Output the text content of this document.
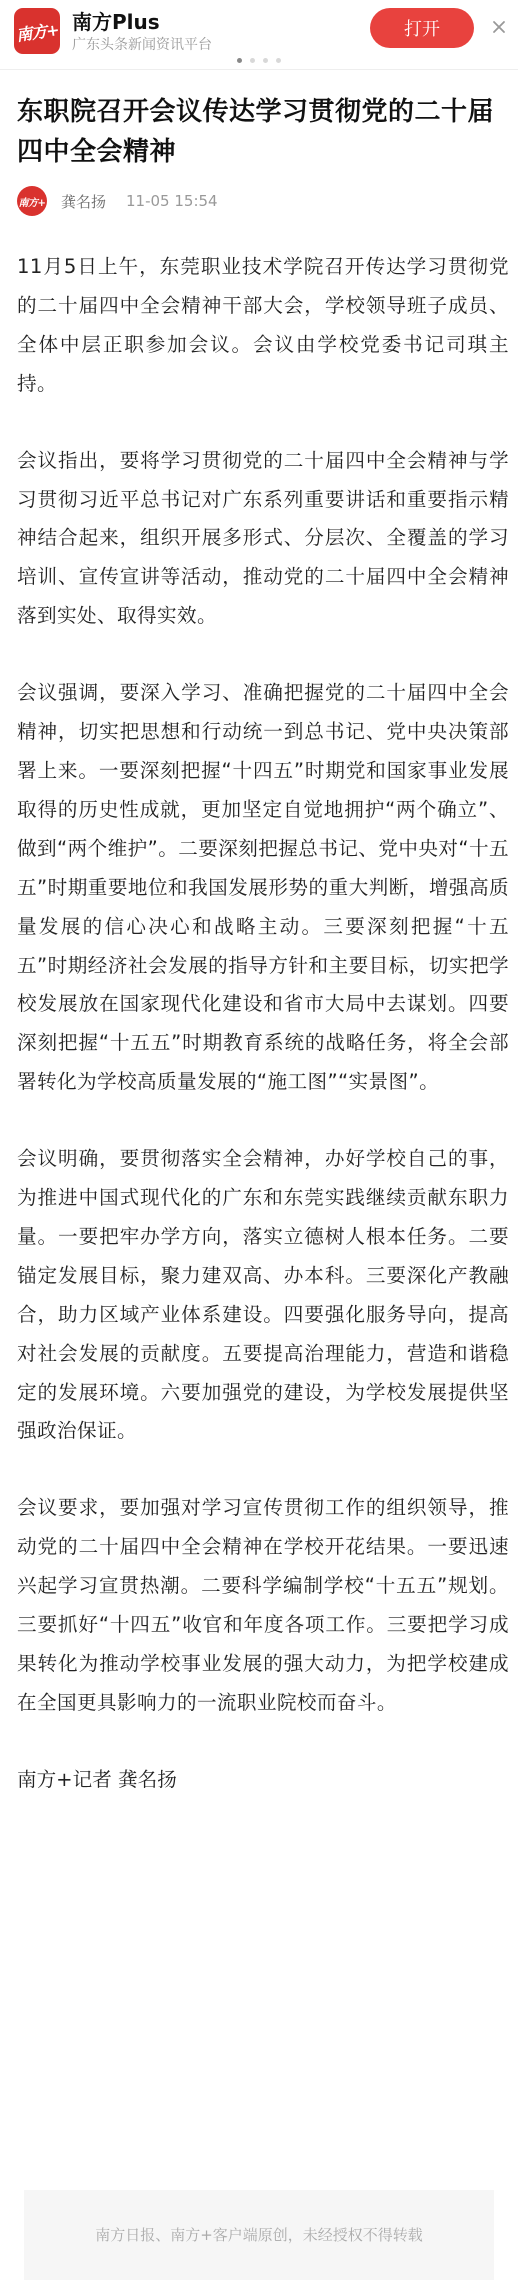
南方+ 南方Plus
广东头条新闻资讯平台
打开
东职院召开会议传达学习贯彻党的二十届四中全会精神
南方+ 龚名扬 11-05 15:54

11月5日上午，东莞职业技术学院召开传达学习贯彻党的二十届四中全会精神干部大会，学校领导班子成员、全体中层正职参加会议。会议由学校党委书记司琪主持。

会议指出，要将学习贯彻党的二十届四中全会精神与学习贯彻习近平总书记对广东系列重要讲话和重要指示精神结合起来，组织开展多形式、分层次、全覆盖的学习培训、宣传宣讲等活动，推动党的二十届四中全会精神落到实处、取得实效。

会议强调，要深入学习、准确把握党的二十届四中全会精神，切实把思想和行动统一到总书记、党中央决策部署上来。一要深刻把握“十四五”时期党和国家事业发展取得的历史性成就，更加坚定自觉地拥护“两个确立”、做到“两个维护”。二要深刻把握总书记、党中央对“十五五”时期重要地位和我国发展形势的重大判断，增强高质量发展的信心决心和战略主动。三要深刻把握“十五五”时期经济社会发展的指导方针和主要目标，切实把学校发展放在国家现代化建设和省市大局中去谋划。四要深刻把握“十五五”时期教育系统的战略任务，将全会部署转化为学校高质量发展的“施工图”“实景图”。

会议明确，要贯彻落实全会精神，办好学校自己的事，为推进中国式现代化的广东和东莞实践继续贡献东职力量。一要把牢办学方向，落实立德树人根本任务。二要锚定发展目标，聚力建双高、办本科。三要深化产教融合，助力区域产业体系建设。四要强化服务导向，提高对社会发展的贡献度。五要提高治理能力，营造和谐稳定的发展环境。六要加强党的建设，为学校发展提供坚强政治保证。

会议要求，要加强对学习宣传贯彻工作的组织领导，推动党的二十届四中全会精神在学校开花结果。一要迅速兴起学习宣贯热潮。二要科学编制学校“十五五”规划。三要抓好“十四五”收官和年度各项工作。三要把学习成果转化为推动学校事业发展的强大动力，为把学校建成在全国更具影响力的一流职业院校而奋斗。

南方+记者 龚名扬

南方日报、南方+客户端原创，未经授权不得转载
